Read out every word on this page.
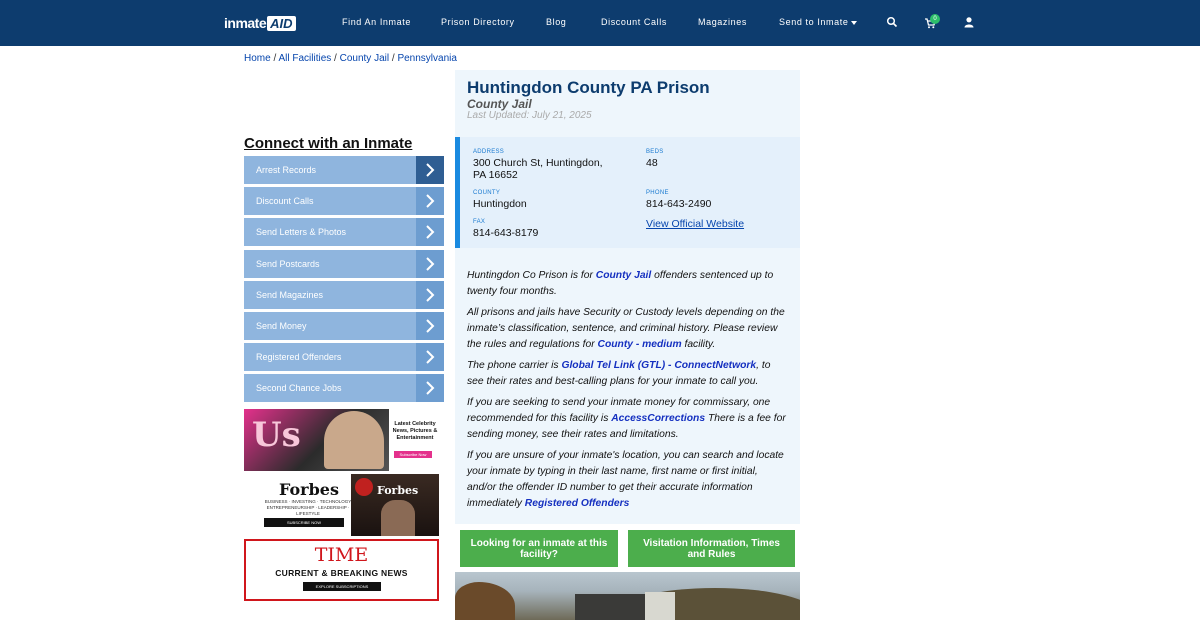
inmate AID	Find An Inmate	Prison Directory	Blog	Discount Calls	Magazines	Send to Inmate	0
Home / All Facilities / County Jail / Pennsylvania
Connect with an Inmate
Arrest Records
Discount Calls
Send Letters & Photos
Send Postcards
Send Magazines
Send Money
Registered Offenders
Second Chance Jobs
Us	Latest Celebrity News, Pictures & Entertainment
Subscribe Now
Forbes
BUSINESS · INVESTING · TECHNOLOGY ENTREPRENEURSHIP · LEADERSHIP · LIFESTYLE
SUBSCRIBE NOW
Forbes
TIME
CURRENT & BREAKING NEWS
EXPLORE SUBSCRIPTIONS
Huntingdon County PA Prison
County Jail
Last Updated: July 21, 2025
ADDRESS
300 Church St, Huntingdon,
PA 16652
BEDS
48
COUNTY
Huntingdon
PHONE
814-643-2490
FAX
814-643-8179
View Official Website

Huntingdon Co Prison is for County Jail offenders sentenced up to twenty four months.

All prisons and jails have Security or Custody levels depending on the inmate’s classification, sentence, and criminal history. Please review the rules and regulations for County - medium facility.

The phone carrier is Global Tel Link (GTL) - ConnectNetwork, to see their rates and best-calling plans for your inmate to call you.

If you are seeking to send your inmate money for commissary, one recommended for this facility is AccessCorrections There is a fee for sending money, see their rates and limitations.

If you are unsure of your inmate's location, you can search and locate your inmate by typing in their last name, first name or first initial, and/or the offender ID number to get their accurate information immediately Registered Offenders

Looking for an inmate at this facility?
Visitation Information, Times and Rules
